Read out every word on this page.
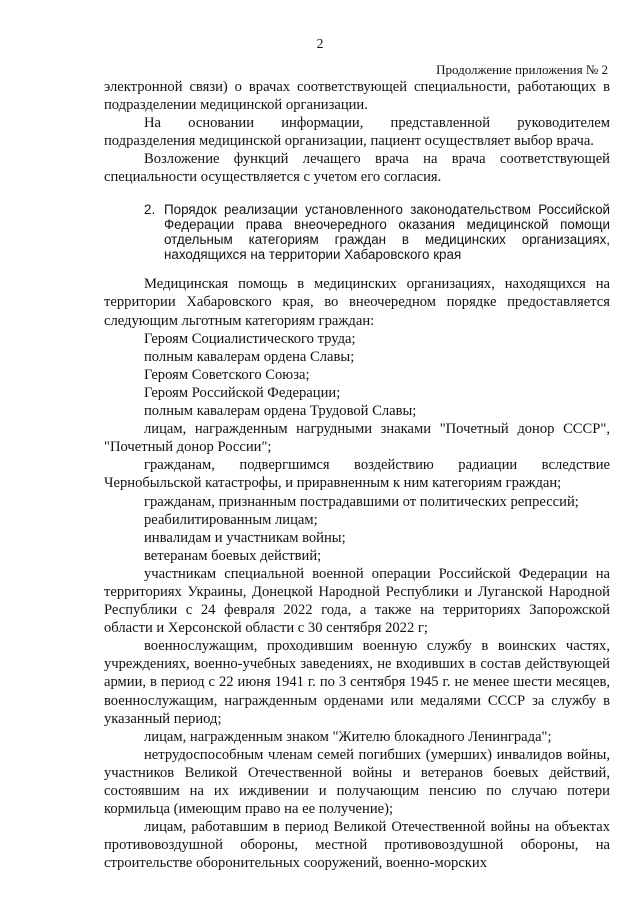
2
Продолжение приложения № 2

электронной связи) о врачах соответствующей специальности, работающих в подразделении медицинской организации.

На основании информации, представленной руководителем подразделения медицинской организации, пациент осуществляет выбор врача.

Возложение функций лечащего врача на врача соответствующей специальности осуществляется с учетом его согласия.

2. Порядок реализации установленного законодательством Российской Федерации права внеочередного оказания медицинской помощи отдельным категориям граждан в медицинских организациях, находящихся на территории Хабаровского края

Медицинская помощь в медицинских организациях, находящихся на территории Хабаровского края, во внеочередном порядке предоставляется следующим льготным категориям граждан:

Героям Социалистического труда;

полным кавалерам ордена Славы;

Героям Советского Союза;

Героям Российской Федерации;

полным кавалерам ордена Трудовой Славы;

лицам, награжденным нагрудными знаками "Почетный донор СССР", "Почетный донор России";

гражданам, подвергшимся воздействию радиации вследствие Чернобыльской катастрофы, и приравненным к ним категориям граждан;

гражданам, признанным пострадавшими от политических репрессий;

реабилитированным лицам;

инвалидам и участникам войны;

ветеранам боевых действий;

участникам специальной военной операции Российской Федерации на территориях Украины, Донецкой Народной Республики и Луганской Народной Республики с 24 февраля 2022 года, а также на территориях Запорожской области и Херсонской области с 30 сентября 2022 г;

военнослужащим, проходившим военную службу в воинских частях, учреждениях, военно-учебных заведениях, не входивших в состав действующей армии, в период с 22 июня 1941 г. по 3 сентября 1945 г. не менее шести месяцев, военнослужащим, награжденным орденами или медалями СССР за службу в указанный период;

лицам, награжденным знаком "Жителю блокадного Ленинграда";

нетрудоспособным членам семей погибших (умерших) инвалидов войны, участников Великой Отечественной войны и ветеранов боевых действий, состоявшим на их иждивении и получающим пенсию по случаю потери кормильца (имеющим право на ее получение);

лицам, работавшим в период Великой Отечественной войны на объектах противовоздушной обороны, местной противовоздушной обороны, на строительстве оборонительных сооружений, военно-морских
